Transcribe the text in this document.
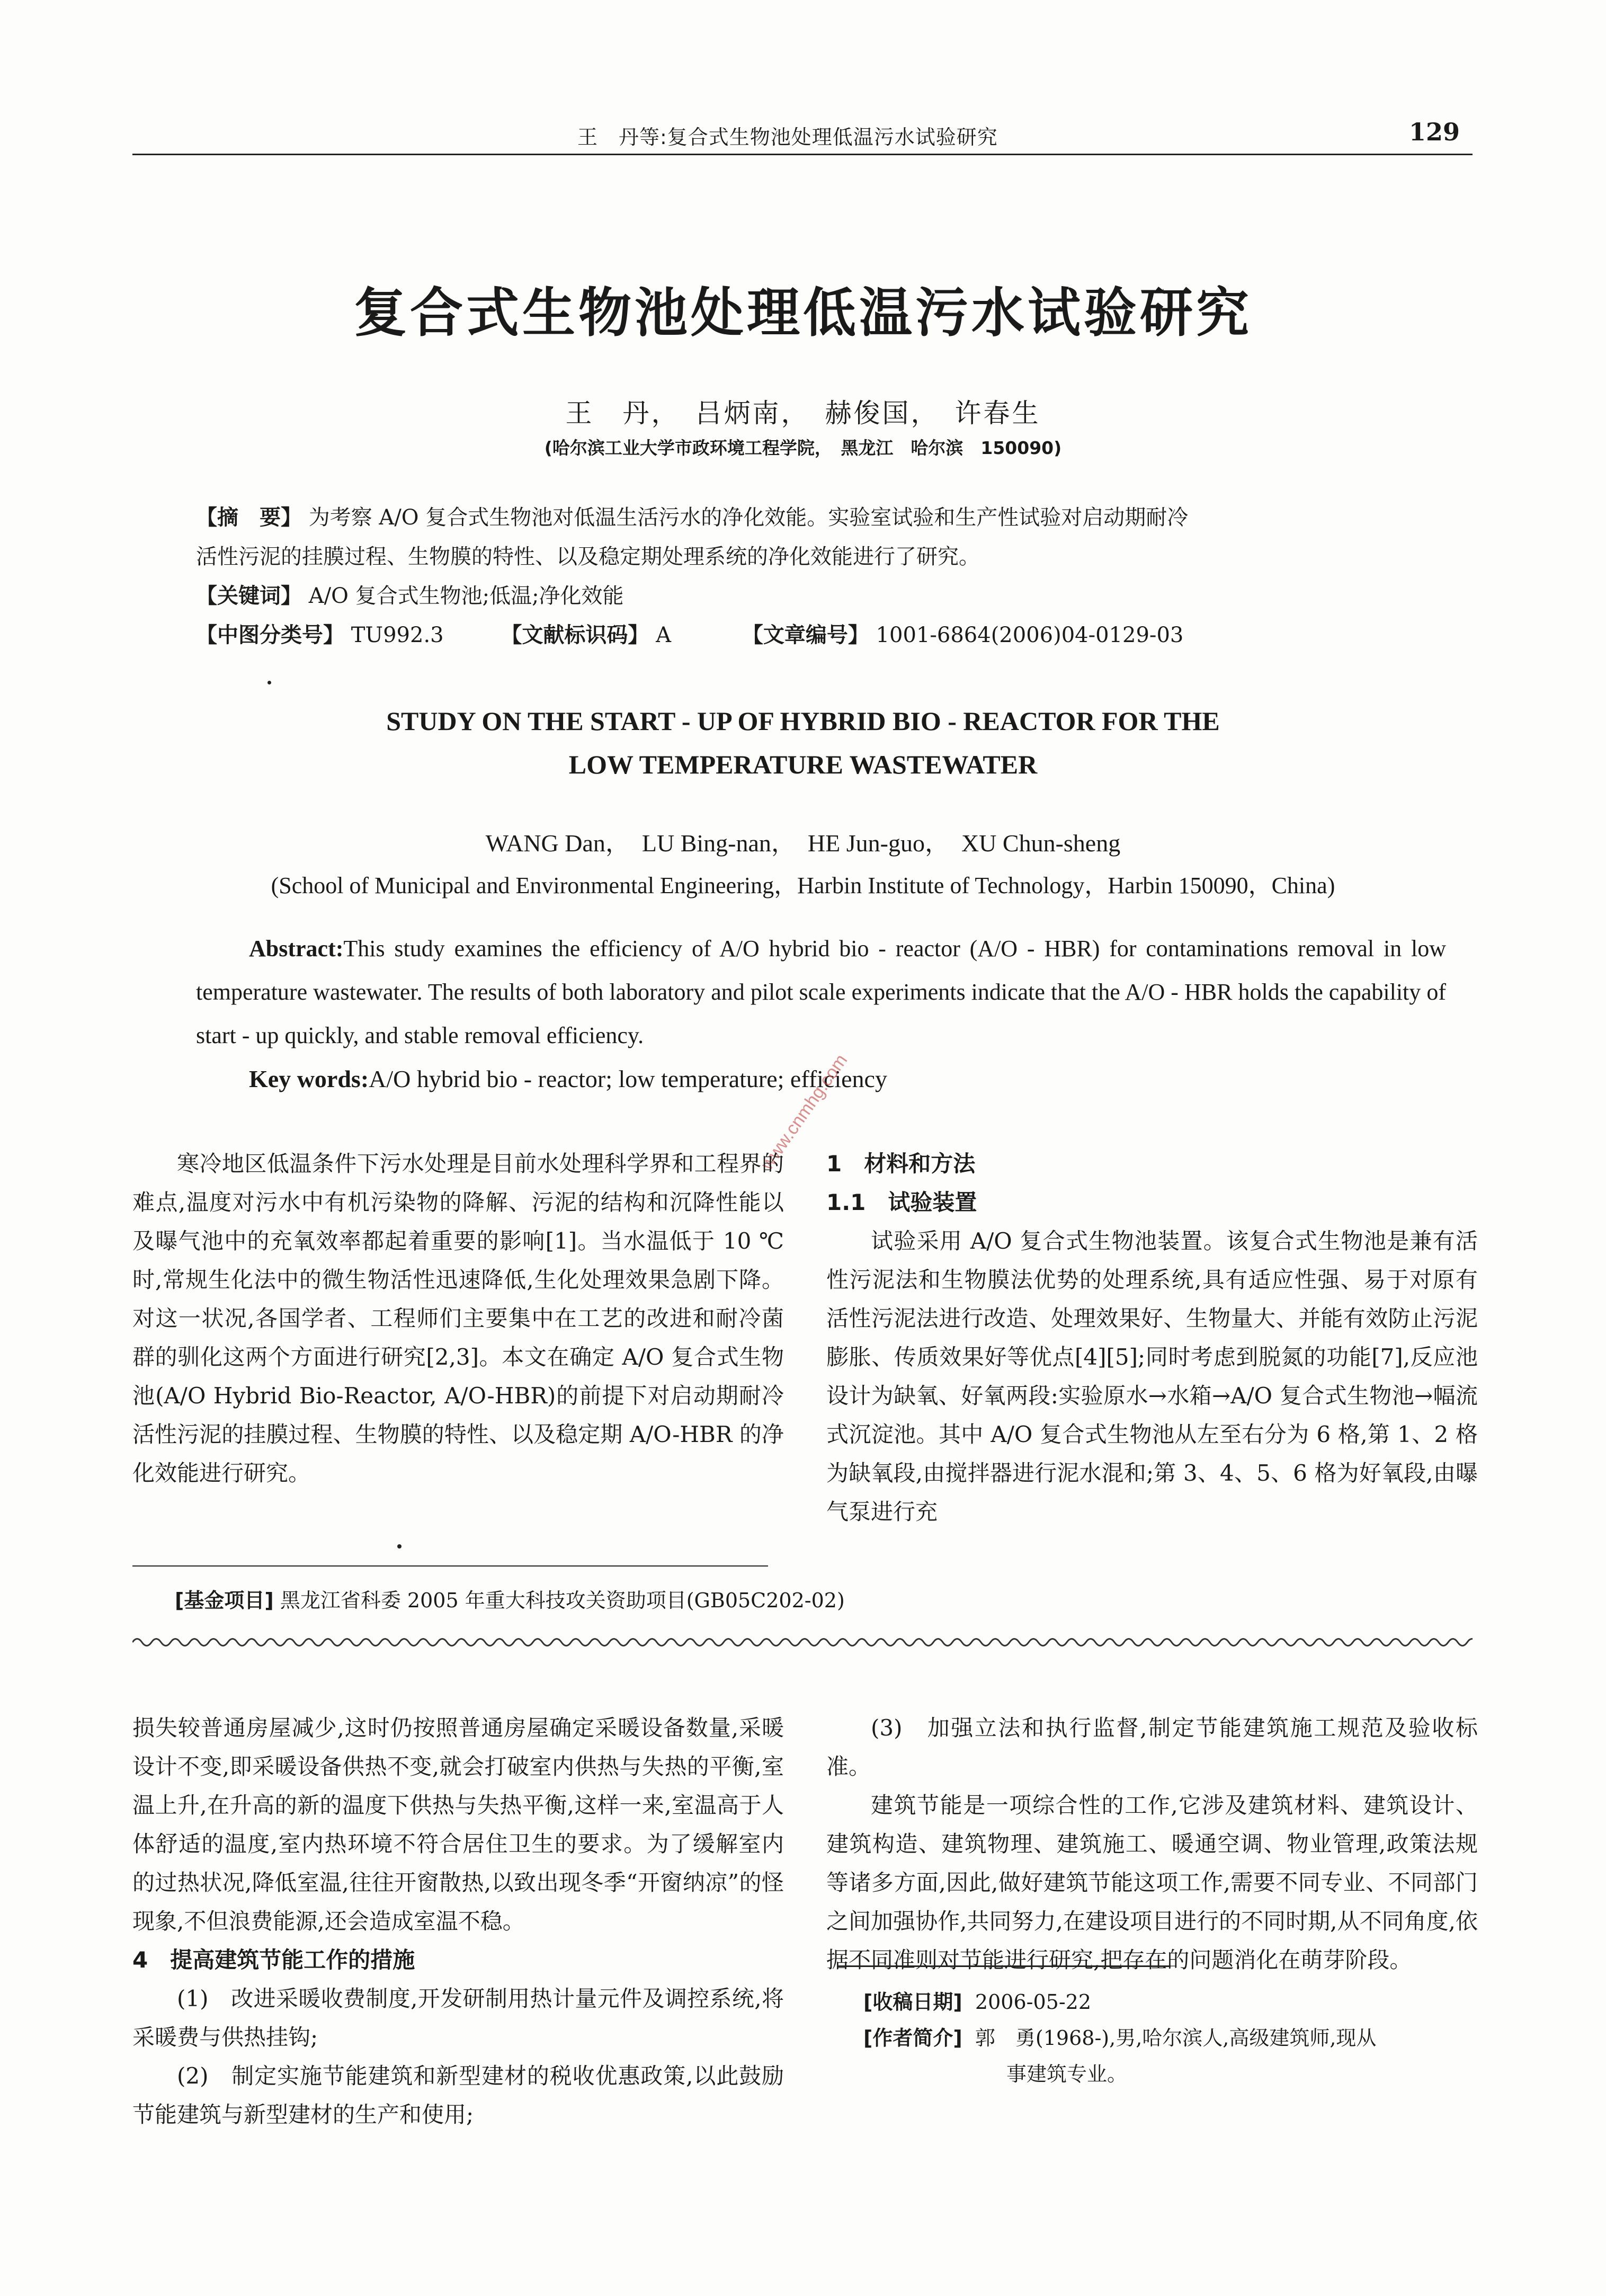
王　丹等:复合式生物池处理低温污水试验研究	129
复合式生物池处理低温污水试验研究
王　丹，　吕炳南，　赫俊国，　许春生
(哈尔滨工业大学市政环境工程学院，　黑龙江　哈尔滨　150090)
【摘　要】 为考察 A/O 复合式生物池对低温生活污水的净化效能。实验室试验和生产性试验对启动期耐冷
活性污泥的挂膜过程、生物膜的特性、以及稳定期处理系统的净化效能进行了研究。
【关键词】 A/O 复合式生物池;低温;净化效能
【中图分类号】 TU992.3	【文献标识码】 A	【文章编号】 1001-6864(2006)04-0129-03
STUDY ON THE START - UP OF HYBRID BIO - REACTOR FOR THE
LOW TEMPERATURE WASTEWATER
WANG Dan，　LU Bing-nan，　HE Jun-guo，　XU Chun-sheng
(School of Municipal and Environmental Engineering，Harbin Institute of Technology，Harbin 150090，China)
Abstract:This study examines the efficiency of A/O hybrid bio - reactor (A/O - HBR) for contaminations removal in low temperature wastewater. The results of both laboratory and pilot scale experiments indicate that the A/O - HBR holds the capability of start - up quickly, and stable removal efficiency.
Key words:A/O hybrid bio - reactor; low temperature; efficiency
www.cnmhg.com

寒冷地区低温条件下污水处理是目前水处理科学界和工程界的难点,温度对污水中有机污染物的降解、污泥的结构和沉降性能以及曝气池中的充氧效率都起着重要的影响[1]。当水温低于 10 ℃时,常规生化法中的微生物活性迅速降低,生化处理效果急剧下降。对这一状况,各国学者、工程师们主要集中在工艺的改进和耐冷菌群的驯化这两个方面进行研究[2,3]。本文在确定 A/O 复合式生物池(A/O Hybrid Bio-Reactor, A/O-HBR)的前提下对启动期耐冷活性污泥的挂膜过程、生物膜的特性、以及稳定期 A/O-HBR 的净化效能进行研究。

1　材料和方法

1.1　试验装置

试验采用 A/O 复合式生物池装置。该复合式生物池是兼有活性污泥法和生物膜法优势的处理系统,具有适应性强、易于对原有活性污泥法进行改造、处理效果好、生物量大、并能有效防止污泥膨胀、传质效果好等优点[4][5];同时考虑到脱氮的功能[7],反应池设计为缺氧、好氧两段:实验原水→水箱→A/O 复合式生物池→幅流式沉淀池。其中 A/O 复合式生物池从左至右分为 6 格,第 1、2 格为缺氧段,由搅拌器进行泥水混和;第 3、4、5、6 格为好氧段,由曝气泵进行充

[基金项目] 黑龙江省科委 2005 年重大科技攻关资助项目(GB05C202-02)

损失较普通房屋减少,这时仍按照普通房屋确定采暖设备数量,采暖设计不变,即采暖设备供热不变,就会打破室内供热与失热的平衡,室温上升,在升高的新的温度下供热与失热平衡,这样一来,室温高于人体舒适的温度,室内热环境不符合居住卫生的要求。为了缓解室内的过热状况,降低室温,往往开窗散热,以致出现冬季“开窗纳凉”的怪现象,不但浪费能源,还会造成室温不稳。

4　提高建筑节能工作的措施

(1)　改进采暖收费制度,开发研制用热计量元件及调控系统,将采暖费与供热挂钩;

(2)　制定实施节能建筑和新型建材的税收优惠政策,以此鼓励节能建筑与新型建材的生产和使用;

(3)　加强立法和执行监督,制定节能建筑施工规范及验收标准。

建筑节能是一项综合性的工作,它涉及建筑材料、建筑设计、建筑构造、建筑物理、建筑施工、暖通空调、物业管理,政策法规等诸多方面,因此,做好建筑节能这项工作,需要不同专业、不同部门之间加强协作,共同努力,在建设项目进行的不同时期,从不同角度,依据不同准则对节能进行研究,把存在的问题消化在萌芽阶段。

[收稿日期] 2006-05-22
[作者简介] 郭　勇(1968-),男,哈尔滨人,高级建筑师,现从
事建筑专业。
